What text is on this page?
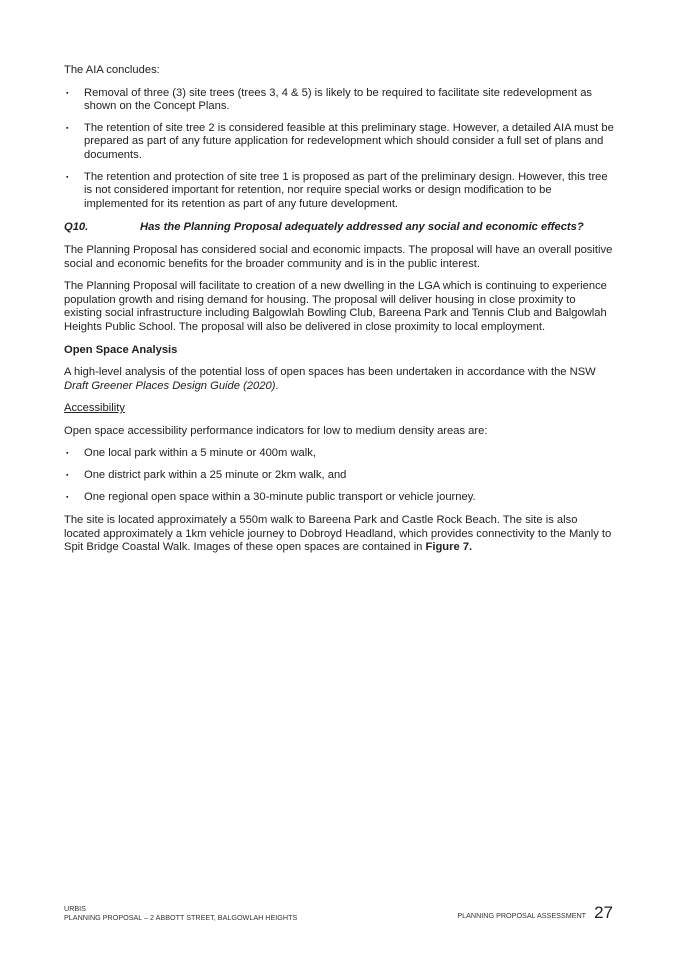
The AIA concludes:

▪ Removal of three (3) site trees (trees 3, 4 & 5) is likely to be required to facilitate site redevelopment as shown on the Concept Plans.
▪ The retention of site tree 2 is considered feasible at this preliminary stage. However, a detailed AIA must be prepared as part of any future application for redevelopment which should consider a full set of plans and documents.
▪ The retention and protection of site tree 1 is proposed as part of the preliminary design. However, this tree is not considered important for retention, nor require special works or design modification to be implemented for its retention as part of any future development.
Q10.	Has the Planning Proposal adequately addressed any social and economic effects?

The Planning Proposal has considered social and economic impacts. The proposal will have an overall positive social and economic benefits for the broader community and is in the public interest.

The Planning Proposal will facilitate to creation of a new dwelling in the LGA which is continuing to experience population growth and rising demand for housing. The proposal will deliver housing in close proximity to existing social infrastructure including Balgowlah Bowling Club, Bareena Park and Tennis Club and Balgowlah Heights Public School. The proposal will also be delivered in close proximity to local employment.

Open Space Analysis

A high-level analysis of the potential loss of open spaces has been undertaken in accordance with the NSW Draft Greener Places Design Guide (2020).

Accessibility

Open space accessibility performance indicators for low to medium density areas are:

▪ One local park within a 5 minute or 400m walk,
▪ One district park within a 25 minute or 2km walk, and
▪ One regional open space within a 30-minute public transport or vehicle journey.

The site is located approximately a 550m walk to Bareena Park and Castle Rock Beach. The site is also located approximately a 1km vehicle journey to Dobroyd Headland, which provides connectivity to the Manly to Spit Bridge Coastal Walk. Images of these open spaces are contained in Figure 7.

URBIS
PLANNING PROPOSAL – 2 ABBOTT STREET, BALGOWLAH HEIGHTS	PLANNING PROPOSAL ASSESSMENT 27
